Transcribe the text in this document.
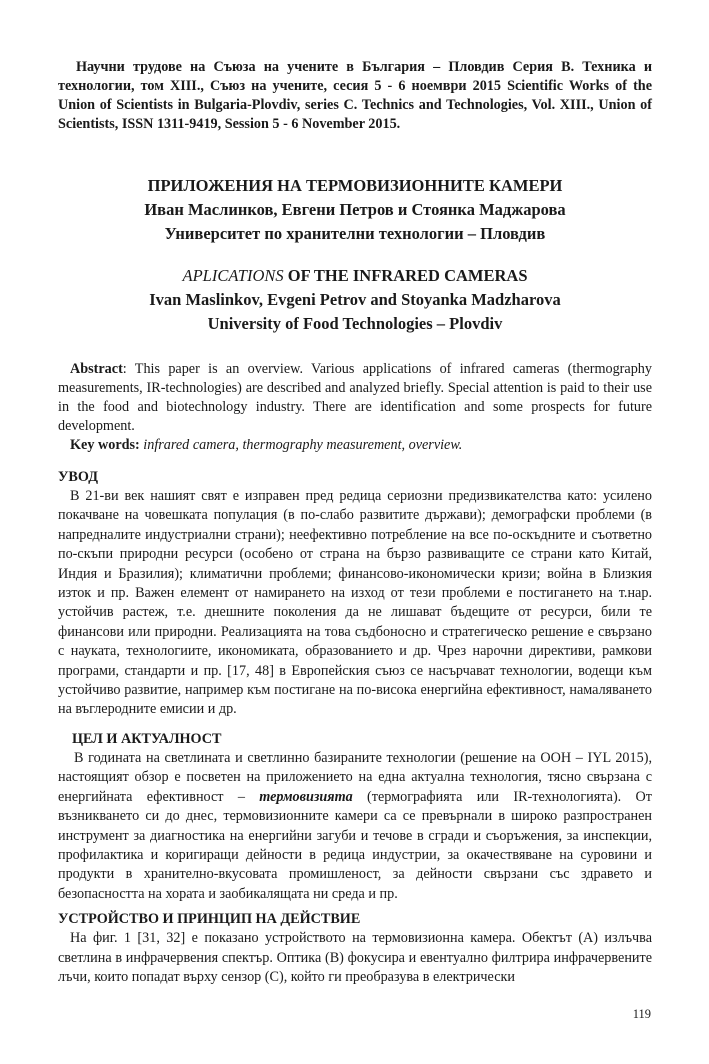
Научни трудове на Съюза на учените в България – Пловдив Серия В. Техника и технологии, том XIII., Съюз на учените, сесия 5 - 6 ноември 2015 Scientific Works of the Union of Scientists in Bulgaria-Plovdiv, series C. Technics and Technologies, Vol. XIII., Union of Scientists, ISSN 1311-9419, Session 5 - 6 November 2015.
ПРИЛОЖЕНИЯ НА ТЕРМОВИЗИОННИТЕ КАМЕРИ
Иван Маслинков, Евгени Петров и Стоянка Маджарова
Университет по хранителни технологии – Пловдив
APLICATIONS OF THE INFRARED CAMERAS
Ivan Maslinkov, Evgeni Petrov and Stoyanka Madzharova
University of Food Technologies – Plovdiv
Abstract: This paper is an overview. Various applications of infrared cameras (thermography measurements, IR-technologies) are described and analyzed briefly. Special attention is paid to their use in the food and biotechnology industry. There are identification and some prospects for future development.
Key words: infrared camera, thermography measurement, overview.
УВОД

В 21-ви век нашият свят е изправен пред редица сериозни предизвикателства като: усилено покачване на човешката популация (в по-слабо развитите държави); демографски проблеми (в напредналите индустриални страни); неефективно потребление на все по-оскъдните и съответно по-скъпи природни ресурси (особено от страна на бързо развиващите се страни като Китай, Индия и Бразилия); климатични проблеми; финансово-икономически кризи; война в Близкия изток и пр. Важен елемент от намирането на изход от тези проблеми е постигането на т.нар. устойчив растеж, т.е. днешните поколения да не лишават бъдещите от ресурси, били те финансови или природни. Реализацията на това съдбоносно и стратегическо решение е свързано с науката, технологиите, икономиката, образованието и др. Чрез нарочни директиви, рамкови програми, стандарти и пр. [17, 48] в Европейския съюз се насърчават технологии, водещи към устойчиво развитие, например към постигане на по-висока енергийна ефективност, намаляването на въглеродните емисии и др.

ЦЕЛ И АКТУАЛНОСТ

В годината на светлината и светлинно базираните технологии (решение на ООН – IYL 2015), настоящият обзор е посветен на приложението на една актуална технология, тясно свързана с енергийната ефективност – термовизията (термографията или IR-технологията). От възникването си до днес, термовизионните камери са се превърнали в широко разпространен инструмент за диагностика на енергийни загуби и течове в сгради и съоръжения, за инспекции, профилактика и коригиращи дейности в редица индустрии, за окачествяване на суровини и продукти в хранително-вкусовата промишленост, за дейности свързани със здравето и безопасността на хората и заобикалящата ни среда и пр.

УСТРОЙСТВО И ПРИНЦИП НА ДЕЙСТВИЕ

На фиг. 1 [31, 32] е показано устройството на термовизионна камера. Обектът (А) излъчва светлина в инфрачервения спектър. Оптика (В) фокусира и евентуално филтрира инфрачервените лъчи, които попадат върху сензор (С), който ги преобразува в електрически

119
